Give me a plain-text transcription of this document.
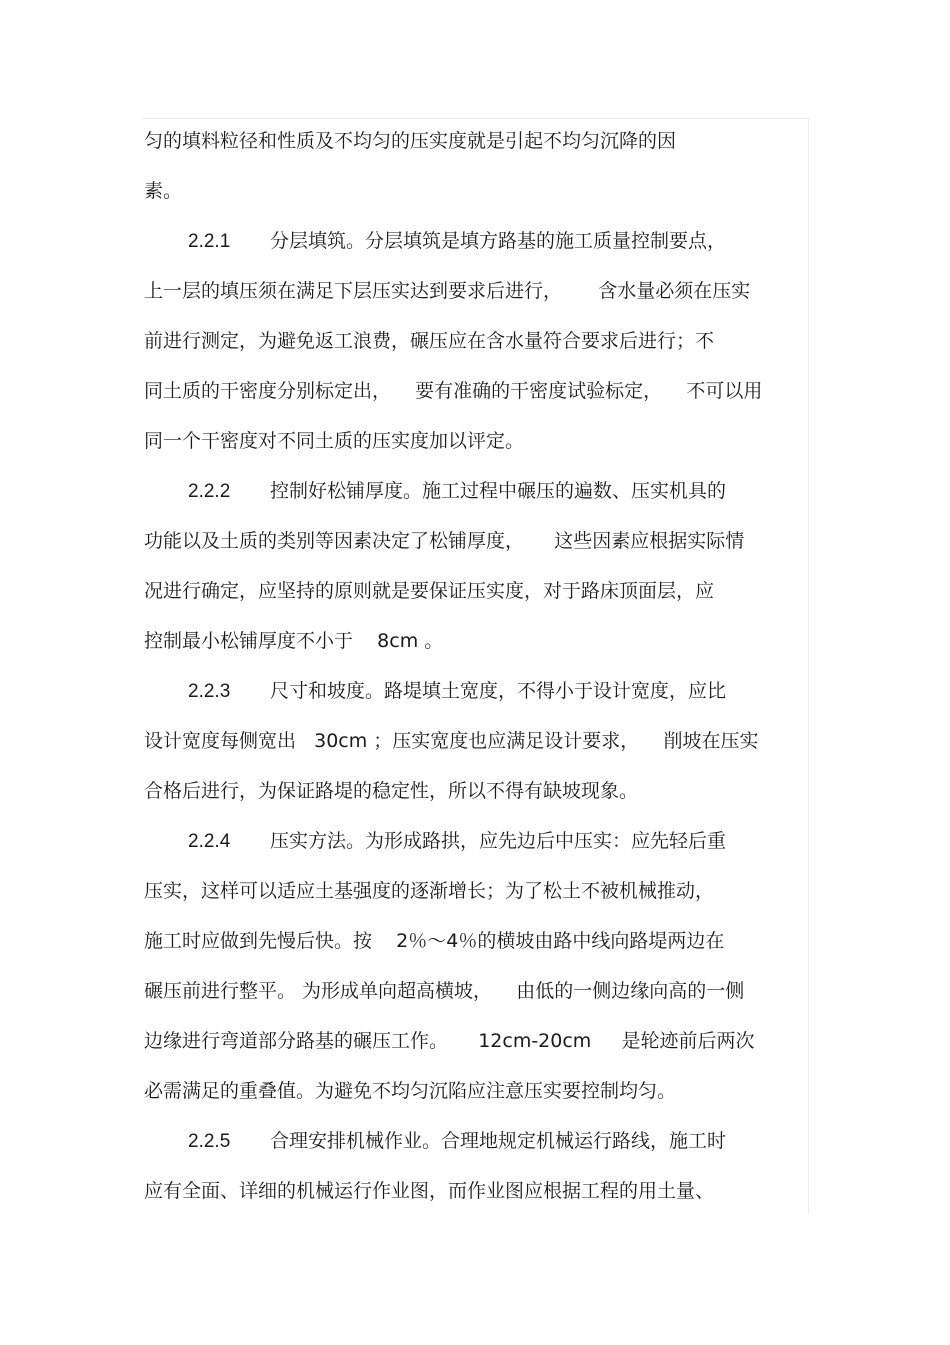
匀的填料粒径和性质及不均匀的压实度就是引起不均匀沉降的因
素。
2.2.1 分层填筑。分层填筑是填方路基的施工质量控制要点，
上一层的填压须在满足下层压实达到要求后进行，      含水量必须在压实
前进行测定，为避免返工浪费，碾压应在含水量符合要求后进行；不
同土质的干密度分别标定出，    要有准确的干密度试验标定，    不可以用
同一个干密度对不同土质的压实度加以评定。
2.2.2 控制好松铺厚度。施工过程中碾压的遍数、压实机具的
功能以及土质的类别等因素决定了松铺厚度，     这些因素应根据实际情
况进行确定，应坚持的原则就是要保证压实度，对于路床顶面层，应
控制最小松铺厚度不小于    8cm 。
2.2.3 尺寸和坡度。路堤填土宽度，不得小于设计宽度，应比
设计宽度每侧宽出   30cm ；压实宽度也应满足设计要求，    削坡在压实
合格后进行，为保证路堤的稳定性，所以不得有缺坡现象。
2.2.4 压实方法。为形成路拱，应先边后中压实：应先轻后重
压实，这样可以适应土基强度的逐渐增长；为了松土不被机械推动，
施工时应做到先慢后快。按    2％～4％的横坡由路中线向路堤两边在
碾压前进行整平。 为形成单向超高横坡，    由低的一侧边缘向高的一侧
边缘进行弯道部分路基的碾压工作。     12cm-20cm     是轮迹前后两次
必需满足的重叠值。为避免不均匀沉陷应注意压实要控制均匀。
2.2.5 合理安排机械作业。合理地规定机械运行路线，施工时
应有全面、详细的机械运行作业图，而作业图应根据工程的用土量、
